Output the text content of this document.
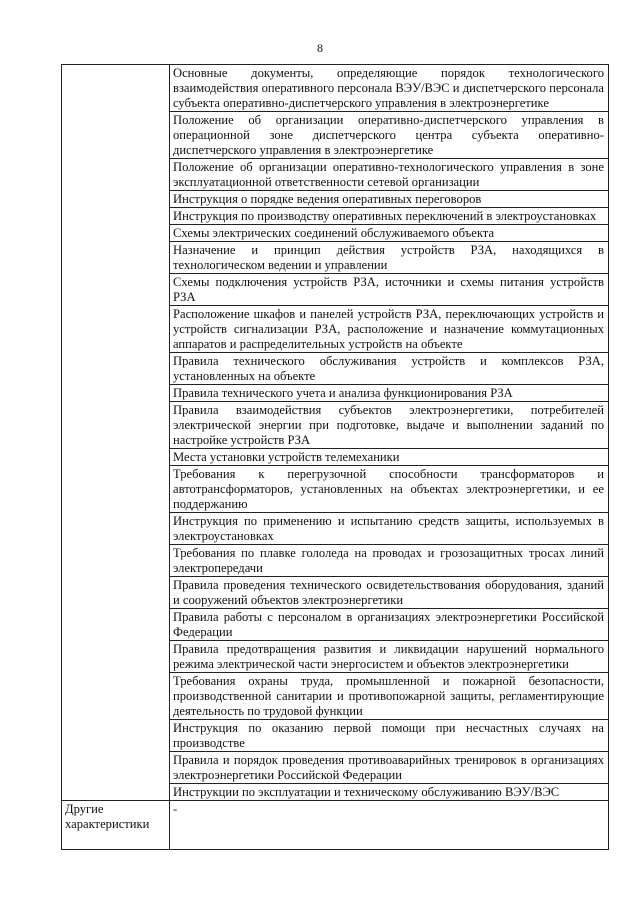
8
	Основные документы, определяющие порядок технологического взаимодействия оперативного персонала ВЭУ/ВЭС и диспетчерского персонала субъекта оперативно-диспетчерского управления в электроэнергетике
	Положение об организации оперативно-диспетчерского управления в операционной зоне диспетчерского центра субъекта оперативно-диспетчерского управления в электроэнергетике
	Положение об организации оперативно-технологического управления в зоне эксплуатационной ответственности сетевой организации
	Инструкция о порядке ведения оперативных переговоров
	Инструкция по производству оперативных переключений в электроустановках
	Схемы электрических соединений обслуживаемого объекта
	Назначение и принцип действия устройств РЗА, находящихся в технологическом ведении и управлении
	Схемы подключения устройств РЗА, источники и схемы питания устройств РЗА
	Расположение шкафов и панелей устройств РЗА, переключающих устройств и устройств сигнализации РЗА, расположение и назначение коммутационных аппаратов и распределительных устройств на объекте
	Правила технического обслуживания устройств и комплексов РЗА, установленных на объекте
	Правила технического учета и анализа функционирования РЗА
	Правила взаимодействия субъектов электроэнергетики, потребителей электрической энергии при подготовке, выдаче и выполнении заданий по настройке устройств РЗА
	Места установки устройств телемеханики
	Требования к перегрузочной способности трансформаторов и автотрансформаторов, установленных на объектах электроэнергетики, и ее поддержанию
	Инструкция по применению и испытанию средств защиты, используемых в электроустановках
	Требования по плавке гололеда на проводах и грозозащитных тросах линий электропередачи
	Правила проведения технического освидетельствования оборудования, зданий и сооружений объектов электроэнергетики
	Правила работы с персоналом в организациях электроэнергетики Российской Федерации
	Правила предотвращения развития и ликвидации нарушений нормального режима электрической части энергосистем и объектов электроэнергетики
	Требования охраны труда, промышленной и пожарной безопасности, производственной санитарии и противопожарной защиты, регламентирующие деятельность по трудовой функции
	Инструкция по оказанию первой помощи при несчастных случаях на производстве
	Правила и порядок проведения противоаварийных тренировок в организациях электроэнергетики Российской Федерации
	Инструкции по эксплуатации и техническому обслуживанию ВЭУ/ВЭС
Другие характеристики	-
